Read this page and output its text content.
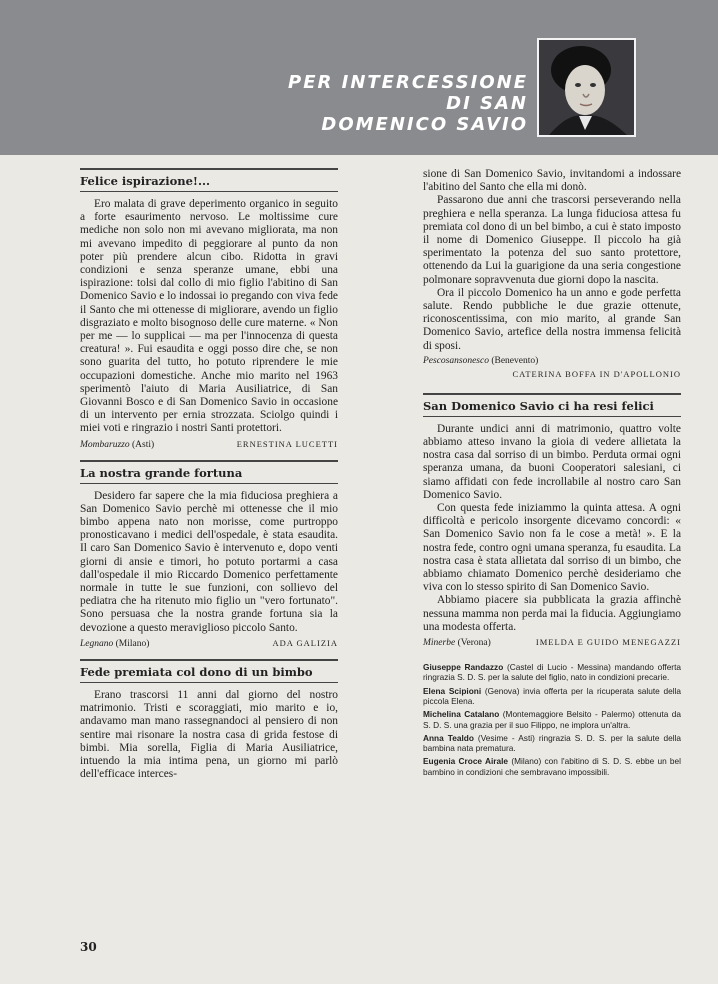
PER INTERCESSIONE
DI SAN
DOMENICO SAVIO
Felice ispirazione!...

Ero malata di grave deperimento organico in seguito a forte esaurimento nervoso. Le moltissime cure mediche non solo non mi avevano migliorata, ma non mi avevano impedito di peggiorare al punto da non poter più prendere alcun cibo. Ridotta in gravi condizioni e senza speranze umane, ebbi una ispirazione: tolsi dal collo di mio figlio l'abitino di San Domenico Savio e lo indossai io pregando con viva fede il Santo che mi ottenesse di migliorare, avendo un figlio disgraziato e molto bisognoso delle cure materne. « Non per me — lo supplicai — ma per l'innocenza di questa creatura! ». Fui esaudita e oggi posso dire che, se non sono guarita del tutto, ho potuto riprendere le mie occupazioni domestiche. Anche mio marito nel 1963 sperimentò l'aiuto di Maria Ausiliatrice, di San Giovanni Bosco e di San Domenico Savio in occasione di un intervento per ernia strozzata. Sciolgo quindi i miei voti e ringrazio i nostri Santi protettori.

Mombaruzzo (Asti)	ERNESTINA LUCETTI
La nostra grande fortuna

Desidero far sapere che la mia fiduciosa preghiera a San Domenico Savio perchè mi ottenesse che il mio bimbo appena nato non morisse, come purtroppo pronosticavano i medici dell'ospedale, è stata esaudita. Il caro San Domenico Savio è intervenuto e, dopo venti giorni di ansie e timori, ho potuto portarmi a casa dall'ospedale il mio Riccardo Domenico perfettamente normale in tutte le sue funzioni, con sollievo del pediatra che ha ritenuto mio figlio un "vero fortunato". Sono persuasa che la nostra grande fortuna sia la devozione a questo meraviglioso piccolo Santo.

Legnano (Milano)	ADA GALIZIA
Fede premiata col dono di un bimbo

Erano trascorsi 11 anni dal giorno del nostro matrimonio. Tristi e scoraggiati, mio marito e io, andavamo man mano rassegnandoci al pensiero di non sentire mai risonare la nostra casa di grida festose di bimbi. Mia sorella, Figlia di Maria Ausiliatrice, intuendo la mia intima pena, un giorno mi parlò dell'efficace interces-

sione di San Domenico Savio, invitandomi a indossare l'abitino del Santo che ella mi donò.

Passarono due anni che trascorsi perseverando nella preghiera e nella speranza. La lunga fiduciosa attesa fu premiata col dono di un bel bimbo, a cui è stato imposto il nome di Domenico Giuseppe. Il piccolo ha già sperimentato la potenza del suo santo protettore, ottenendo da Lui la guarigione da una seria congestione polmonare sopravvenuta due giorni dopo la nascita.

Ora il piccolo Domenico ha un anno e gode perfetta salute. Rendo pubbliche le due grazie ottenute, riconoscentissima, con mio marito, al grande San Domenico Savio, artefice della nostra immensa felicità di sposi.

Pescosansonesco (Benevento)
CATERINA BOFFA IN D'APOLLONIO
San Domenico Savio ci ha resi felici

Durante undici anni di matrimonio, quattro volte abbiamo atteso invano la gioia di vedere allietata la nostra casa dal sorriso di un bimbo. Perduta ormai ogni speranza umana, da buoni Cooperatori salesiani, ci siamo affidati con fede incrollabile al nostro caro San Domenico Savio.

Con questa fede iniziammo la quinta attesa. A ogni difficoltà e pericolo insorgente dicevamo concordi: « San Domenico Savio non fa le cose a metà! ». E la nostra fede, contro ogni umana speranza, fu esaudita. La nostra casa è stata allietata dal sorriso di un bimbo, che abbiamo chiamato Domenico perchè desideriamo che viva con lo stesso spirito di San Domenico Savio.

Abbiamo piacere sia pubblicata la grazia affinchè nessuna mamma non perda mai la fiducia. Aggiungiamo una modesta offerta.

Minerbe (Verona)	IMELDA E GUIDO MENEGAZZI

Giuseppe Randazzo (Castel di Lucio - Messina) mandando offerta ringrazia S. D. S. per la salute del figlio, nato in condizioni precarie.

Elena Scipioni (Genova) invia offerta per la ricuperata salute della piccola Elena.

Michelina Catalano (Montemaggiore Belsito - Palermo) ottenuta da S. D. S. una grazia per il suo Filippo, ne implora un'altra.

Anna Tealdo (Vesime - Asti) ringrazia S. D. S. per la salute della bambina nata prematura.

Eugenia Croce Airale (Milano) con l'abitino di S. D. S. ebbe un bel bambino in condizioni che sembravano impossibili.

30
